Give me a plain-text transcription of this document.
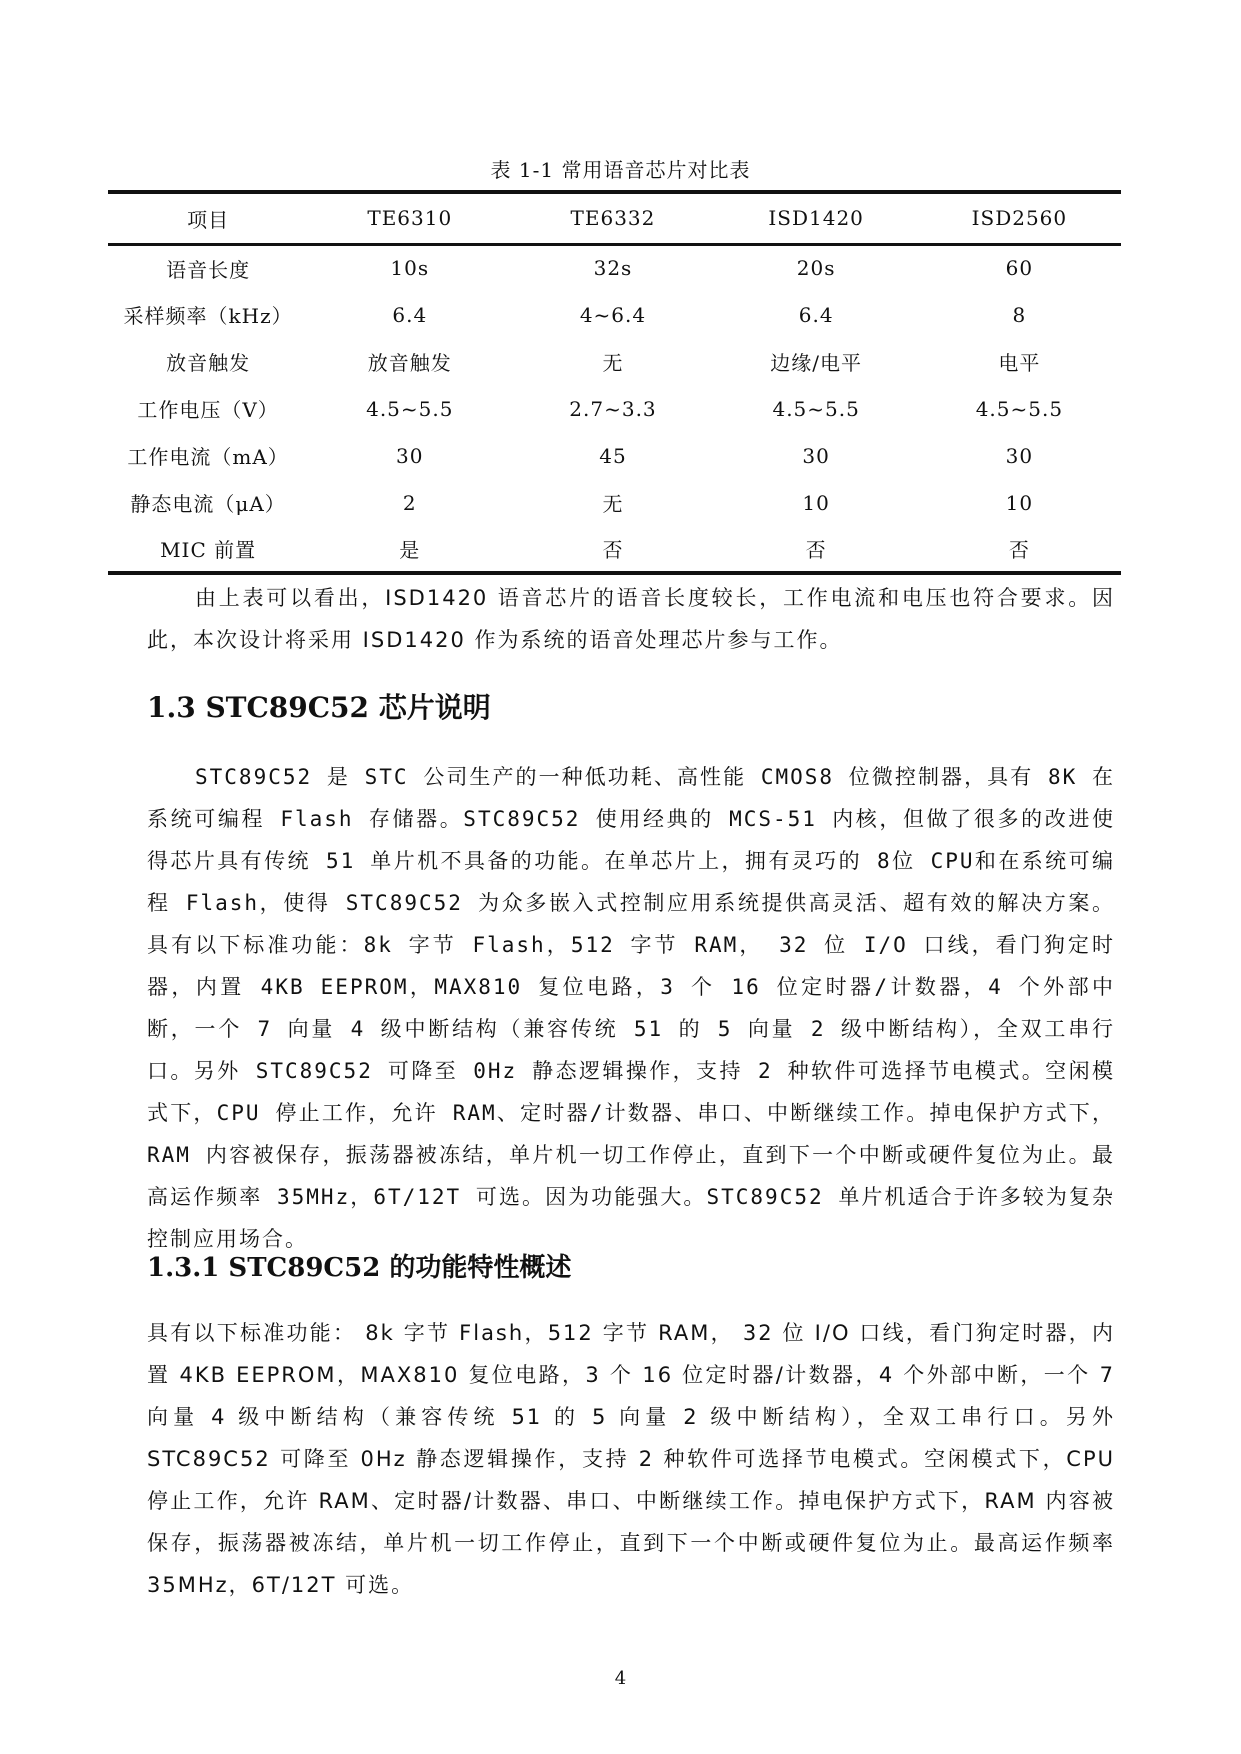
表 1-1 常用语音芯片对比表
项目	TE6310	TE6332	ISD1420	ISD2560
语音长度	10s	32s	20s	60
采样频率（kHz）	6.4	4~6.4	6.4	8
放音触发	放音触发	无	边缘/电平	电平
工作电压（V）	4.5~5.5	2.7~3.3	4.5~5.5	4.5~5.5
工作电流（mA）	30	45	30	30
静态电流（μA）	2	无	10	10
MIC 前置	是	否	否	否

由上表可以看出，ISD1420 语音芯片的语音长度较长，工作电流和电压也符合要求。因此，本次设计将采用 ISD1420 作为系统的语音处理芯片参与工作。

1.3 STC89C52 芯片说明

STC89C52 是 STC 公司生产的一种低功耗、高性能 CMOS8 位微控制器，具有 8K 在系统可编程 Flash 存储器。STC89C52 使用经典的 MCS-51 内核，但做了很多的改进使得芯片具有传统 51 单片机不具备的功能。在单芯片上，拥有灵巧的 8位 CPU和在系统可编程 Flash，使得 STC89C52 为众多嵌入式控制应用系统提供高灵活、超有效的解决方案。 具有以下标准功能：8k 字节 Flash，512 字节 RAM， 32 位 I/O 口线，看门狗定时器，内置 4KB EEPROM，MAX810 复位电路，3 个 16 位定时器/计数器，4 个外部中断，一个 7 向量 4 级中断结构（兼容传统 51 的 5 向量 2 级中断结构），全双工串行口。另外 STC89C52 可降至 0Hz 静态逻辑操作，支持 2 种软件可选择节电模式。空闲模式下，CPU 停止工作，允许 RAM、定时器/计数器、串口、中断继续工作。掉电保护方式下，RAM 内容被保存，振荡器被冻结，单片机一切工作停止，直到下一个中断或硬件复位为止。最高运作频率 35MHz，6T/12T 可选。因为功能强大。STC89C52 单片机适合于许多较为复杂控制应用场合。

1.3.1 STC89C52 的功能特性概述

具有以下标准功能： 8k 字节 Flash，512 字节 RAM， 32 位 I/O 口线，看门狗定时器，内置 4KB EEPROM，MAX810 复位电路，3 个 16 位定时器/计数器，4 个外部中断，一个 7 向量 4 级中断结构（兼容传统 51 的 5 向量 2 级中断结构），全双工串行口。另外 STC89C52 可降至 0Hz 静态逻辑操作，支持 2 种软件可选择节电模式。空闲模式下，CPU 停止工作，允许 RAM、定时器/计数器、串口、中断继续工作。掉电保护方式下，RAM 内容被保存，振荡器被冻结，单片机一切工作停止，直到下一个中断或硬件复位为止。最高运作频率 35MHz，6T/12T 可选。

4
